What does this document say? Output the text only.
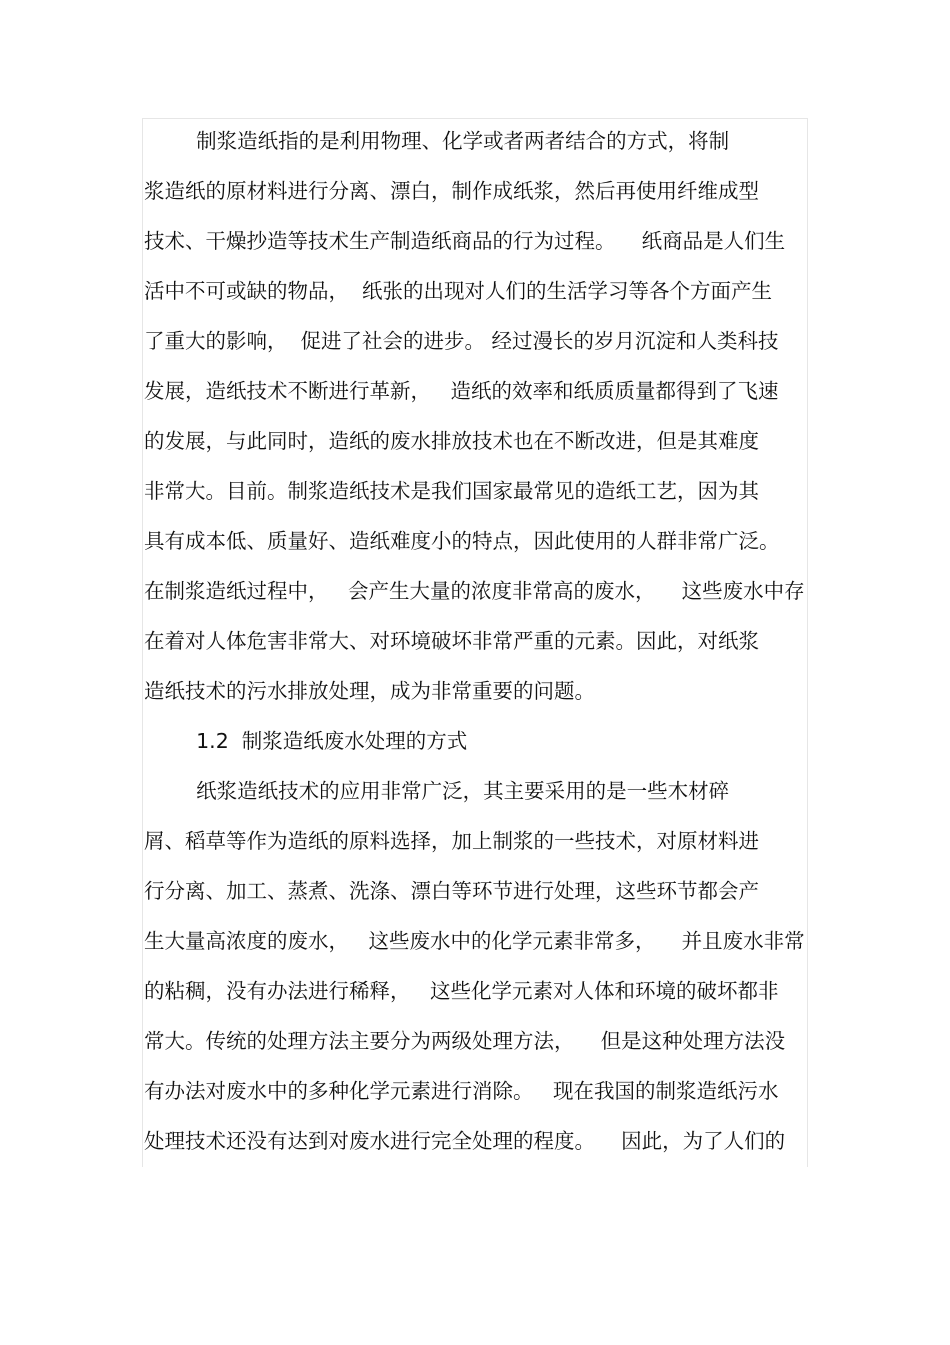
制浆造纸指的是利用物理、化学或者两者结合的方式，将制
浆造纸的原材料进行分离、漂白，制作成纸浆，然后再使用纤维成型
技术、干燥抄造等技术生产制造纸商品的行为过程。    纸商品是人们生
活中不可或缺的物品，  纸张的出现对人们的生活学习等各个方面产生
了重大的影响，  促进了社会的进步。 经过漫长的岁月沉淀和人类科技
发展，造纸技术不断进行革新，   造纸的效率和纸质质量都得到了飞速
的发展，与此同时，造纸的废水排放技术也在不断改进，但是其难度
非常大。目前。制浆造纸技术是我们国家最常见的造纸工艺，因为其
具有成本低、质量好、造纸难度小的特点，因此使用的人群非常广泛。
在制浆造纸过程中，   会产生大量的浓度非常高的废水，    这些废水中存
在着对人体危害非常大、对环境破坏非常严重的元素。因此，对纸浆
造纸技术的污水排放处理，成为非常重要的问题。
1.2  制浆造纸废水处理的方式
纸浆造纸技术的应用非常广泛，其主要采用的是一些木材碎
屑、稻草等作为造纸的原料选择，加上制浆的一些技术，对原材料进
行分离、加工、蒸煮、洗涤、漂白等环节进行处理，这些环节都会产
生大量高浓度的废水，   这些废水中的化学元素非常多，    并且废水非常
的粘稠，没有办法进行稀释，   这些化学元素对人体和环境的破坏都非
常大。传统的处理方法主要分为两级处理方法，    但是这种处理方法没
有办法对废水中的多种化学元素进行消除。   现在我国的制浆造纸污水
处理技术还没有达到对废水进行完全处理的程度。    因此，为了人们的
